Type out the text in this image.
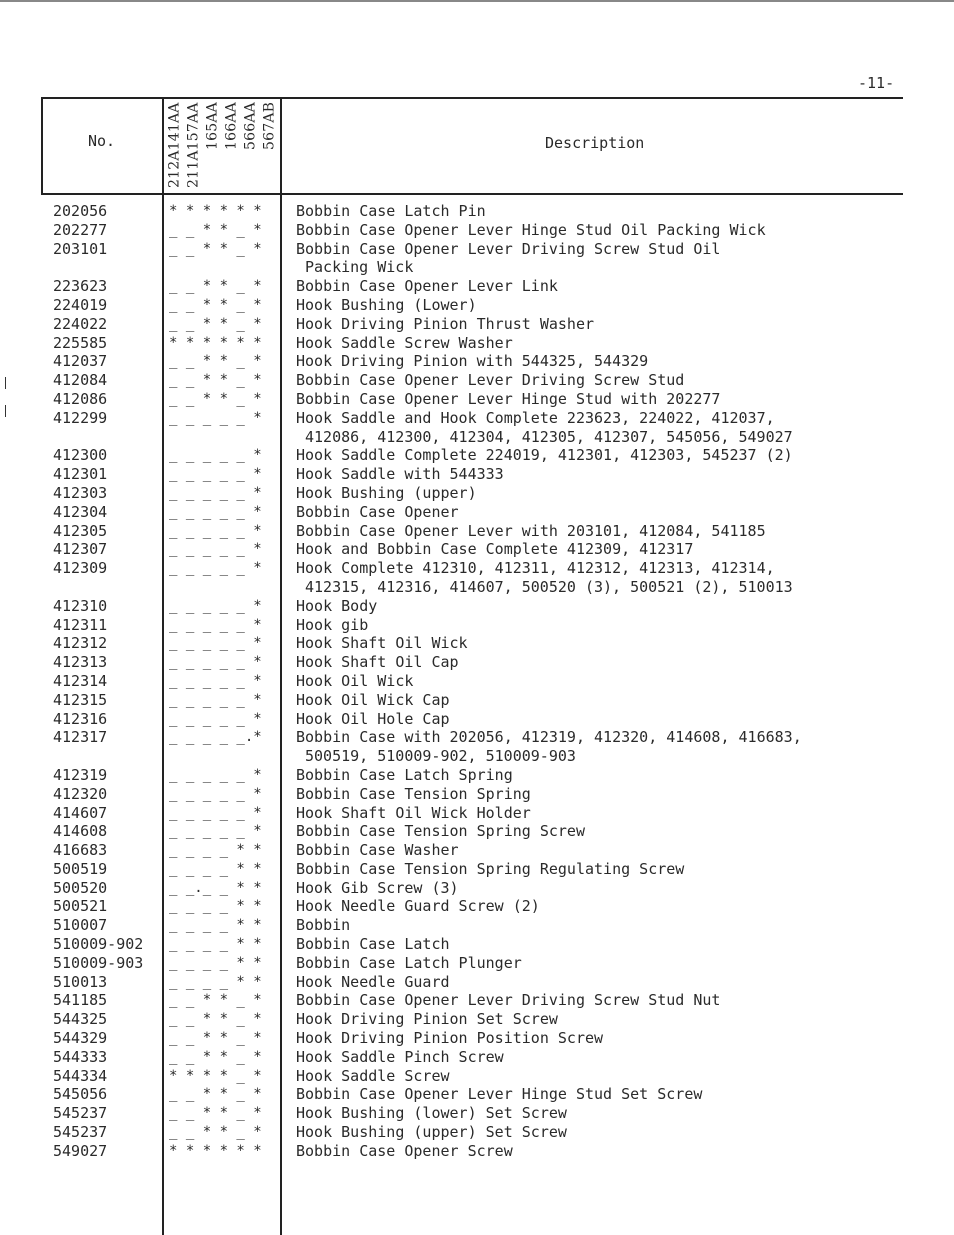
-11-
No.	Description
212A141AA 211A157AA 165AA 166AA 566AA 567AB
202056	* * * * * * Bobbin Case Latch Pin
202277	_ _ * * _ * Bobbin Case Opener Lever Hinge Stud Oil Packing Wick
203101	_ _ * * _ * Bobbin Case Opener Lever Driving Screw Stud Oil
Packing Wick
223623	_ _ * * _ * Bobbin Case Opener Lever Link
224019	_ _ * * _ * Hook Bushing (Lower)
224022	_ _ * * _ * Hook Driving Pinion Thrust Washer
225585	* * * * * * Hook Saddle Screw Washer
412037	_ _ * * _ * Hook Driving Pinion with 544325, 544329
412084	_ _ * * _ * Bobbin Case Opener Lever Driving Screw Stud
412086	_ _ * * _ * Bobbin Case Opener Lever Hinge Stud with 202277
412299	_ _ _ _ _ * Hook Saddle and Hook Complete 223623, 224022, 412037,
412086, 412300, 412304, 412305, 412307, 545056, 549027
412300	_ _ _ _ _ * Hook Saddle Complete 224019, 412301, 412303, 545237 (2)
412301	_ _ _ _ _ * Hook Saddle with 544333
412303	_ _ _ _ _ * Hook Bushing (upper)
412304	_ _ _ _ _ * Bobbin Case Opener
412305	_ _ _ _ _ * Bobbin Case Opener Lever with 203101, 412084, 541185
412307	_ _ _ _ _ * Hook and Bobbin Case Complete 412309, 412317
412309	_ _ _ _ _ * Hook Complete 412310, 412311, 412312, 412313, 412314,
412315, 412316, 414607, 500520 (3), 500521 (2), 510013
412310	_ _ _ _ _ * Hook Body
412311	_ _ _ _ _ * Hook gib
412312	_ _ _ _ _ * Hook Shaft Oil Wick
412313	_ _ _ _ _ * Hook Shaft Oil Cap
412314	_ _ _ _ _ * Hook Oil Wick
412315	_ _ _ _ _ * Hook Oil Wick Cap
412316	_ _ _ _ _ * Hook Oil Hole Cap
412317	_ _ _ _ _.* Bobbin Case with 202056, 412319, 412320, 414608, 416683,
500519, 510009-902, 510009-903
412319	_ _ _ _ _ * Bobbin Case Latch Spring
412320	_ _ _ _ _ * Bobbin Case Tension Spring
414607	_ _ _ _ _ * Hook Shaft Oil Wick Holder
414608	_ _ _ _ _ * Bobbin Case Tension Spring Screw
416683	_ _ _ _ * * Bobbin Case Washer
500519	_ _ _ _ * * Bobbin Case Tension Spring Regulating Screw
500520	_ _._ _ * * Hook Gib Screw (3)
500521	_ _ _ _ * * Hook Needle Guard Screw (2)
510007	_ _ _ _ * * Bobbin
510009-902 _ _ _ _ * * Bobbin Case Latch
510009-903 _ _ _ _ * * Bobbin Case Latch Plunger
510013	_ _ _ _ * * Hook Needle Guard
541185	_ _ * * _ * Bobbin Case Opener Lever Driving Screw Stud Nut
544325	_ _ * * _ * Hook Driving Pinion Set Screw
544329	_ _ * * _ * Hook Driving Pinion Position Screw
544333	_ _ * * _ * Hook Saddle Pinch Screw
544334	* * * * _ * Hook Saddle Screw
545056	_ _ * * _ * Bobbin Case Opener Lever Hinge Stud Set Screw
545237	_ _ * * _ * Hook Bushing (lower) Set Screw
545237	_ _ * * _ * Hook Bushing (upper) Set Screw
549027	* * * * * * Bobbin Case Opener Screw
